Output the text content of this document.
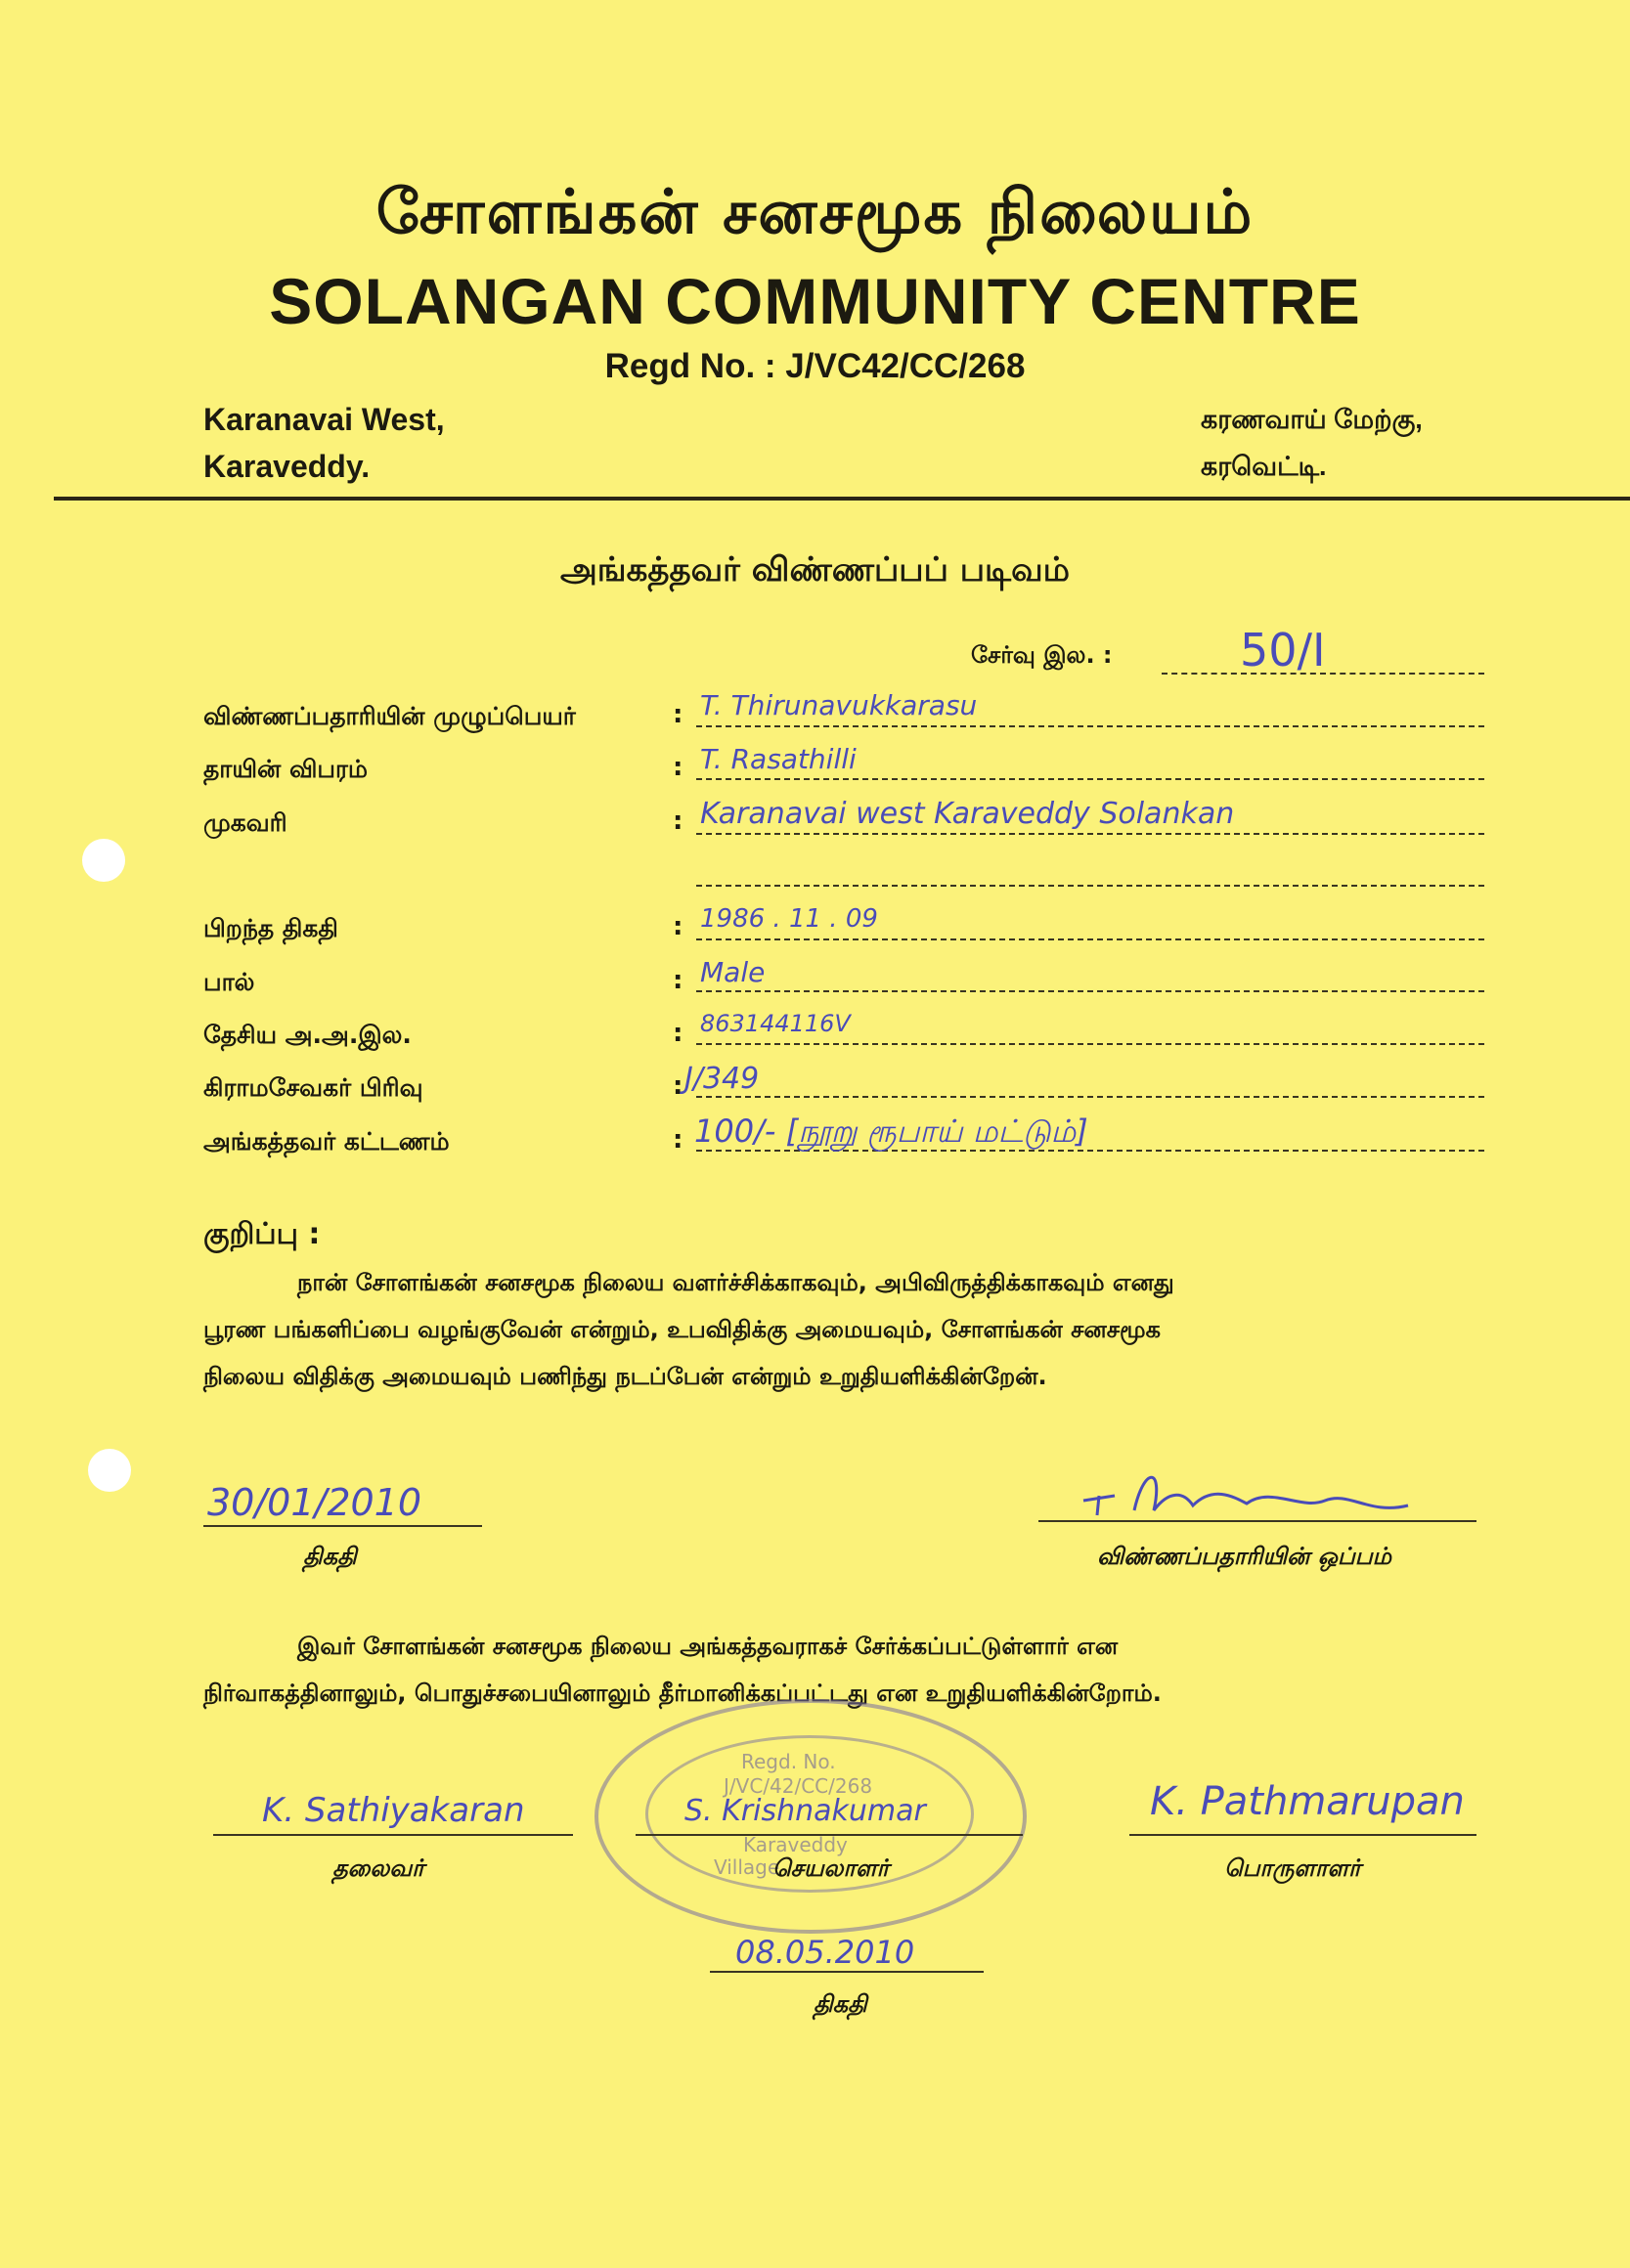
சோளங்கன் சனசமூக நிலையம்
SOLANGAN COMMUNITY CENTRE
Regd No. : J/VC42/CC/268
Karanavai West,
Karaveddy.
கரணவாய் மேற்கு,
கரவெட்டி.
அங்கத்தவர் விண்ணப்பப் படிவம்
சேர்வு இல. :	50/I
விண்ணப்பதாரியின் முழுப்பெயர்	: T. Thirunavukkarasu
தாயின் விபரம்	: T. Rasathilli
முகவரி	: Karanavai west Karaveddy Solankan
பிறந்த திகதி	: 1986 . 11 . 09
பால்	: Male
தேசிய அ.அ.இல.	: 863144116V
கிராமசேவகர் பிரிவு	: J/349
அங்கத்தவர் கட்டணம்	: 100/- [நூறு ரூபாய் மட்டும்]
குறிப்பு :
நான் சோளங்கன் சனசமூக நிலைய வளர்ச்சிக்காகவும், அபிவிருத்திக்காகவும் எனது
பூரண பங்களிப்பை வழங்குவேன் என்றும், உபவிதிக்கு அமையவும், சோளங்கன் சனசமூக
நிலைய விதிக்கு அமையவும் பணிந்து நடப்பேன் என்றும் உறுதியளிக்கின்றேன்.
30/01/2010
திகதி	விண்ணப்பதாரியின் ஒப்பம்
இவர் சோளங்கன் சனசமூக நிலைய அங்கத்தவராகச் சேர்க்கப்பட்டுள்ளார் என
நிர்வாகத்தினாலும், பொதுச்சபையினாலும் தீர்மானிக்கப்பட்டது என உறுதியளிக்கின்றோம்.
Regd. No.
J/VC/42/CC/268
Karaveddy
Village
K. Sathiyakaran
தலைவர்
S. Krishnakumar
செயலாளர்
K. Pathmarupan
பொருளாளர்
08.05.2010
திகதி
